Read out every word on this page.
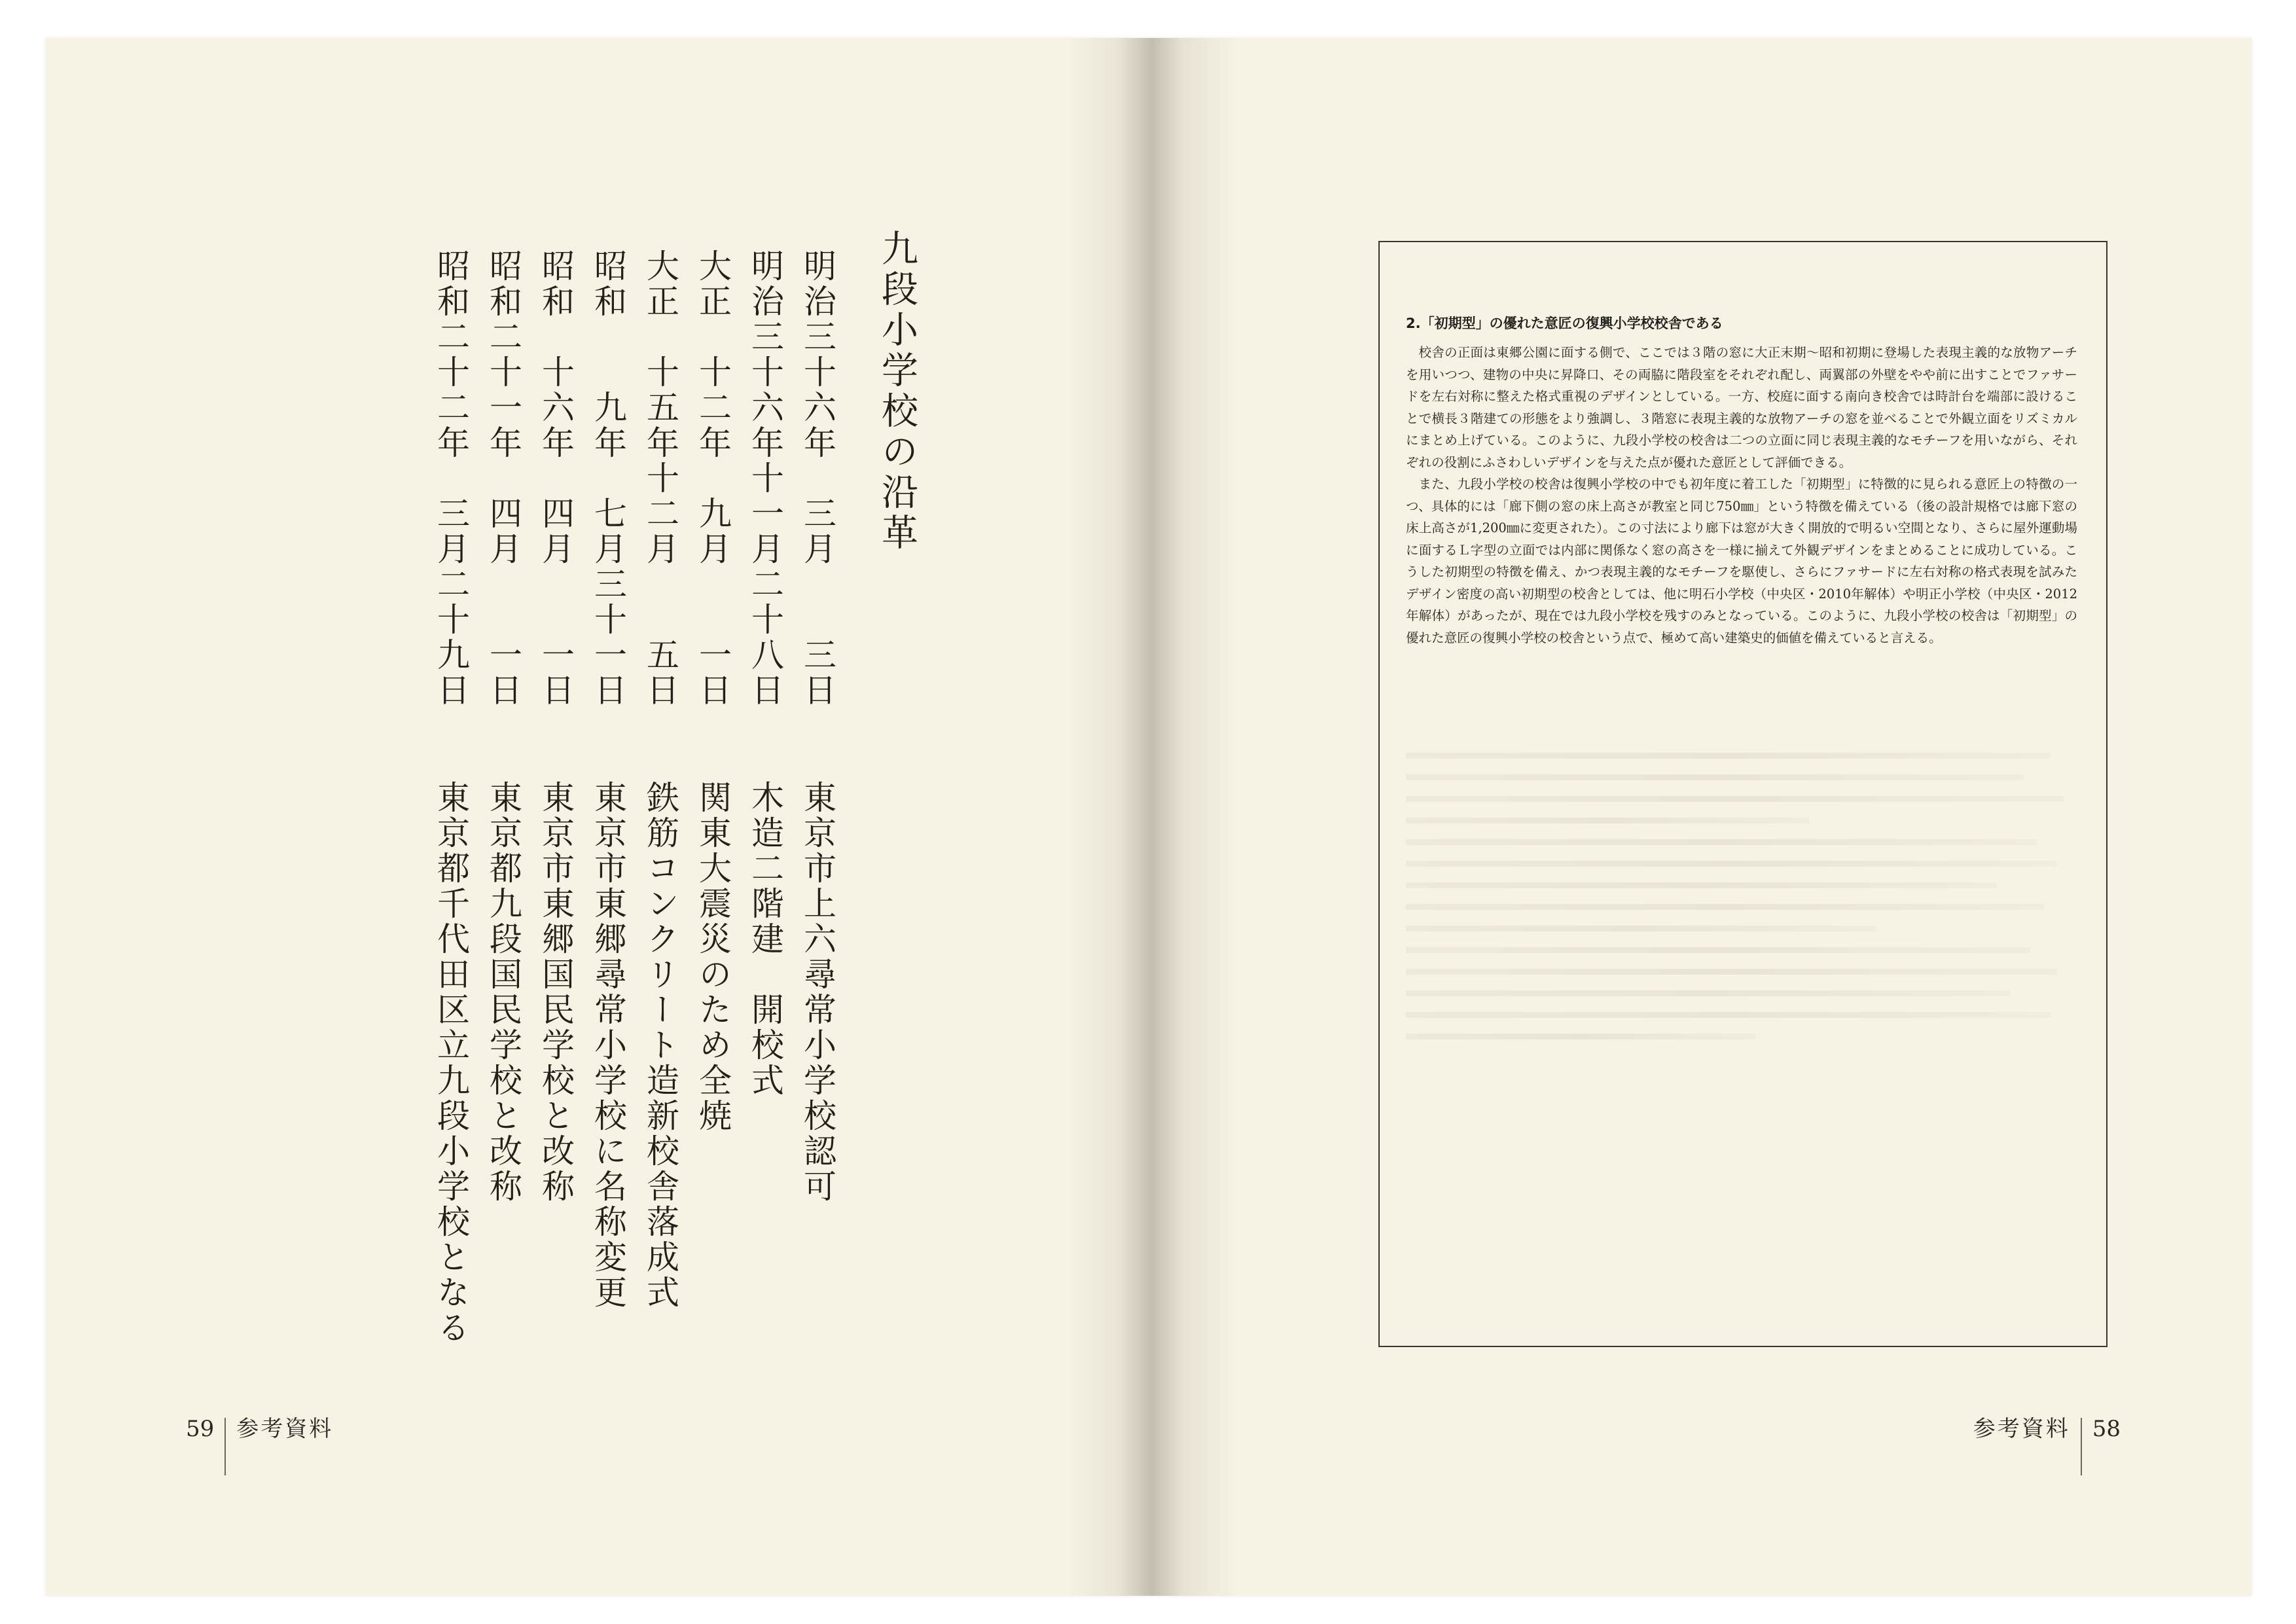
九段小学校の沿革
明治三十六年　三月　　三日
明治三十六年十一月二十八日
大正　十二年　九月　　一日
大正　十五年十二月　　五日
昭和　　九年　七月三十一日
昭和　十六年　四月　　一日
昭和二十一年　四月　　一日
昭和二十二年　三月二十九日
東京市上六尋常小学校認可
木造二階建　開校式
関東大震災のため全焼
鉄筋コンクリート造新校舎落成式
東京市東郷尋常小学校に名称変更
東京市東郷国民学校と改称
東京都九段国民学校と改称
東京都千代田区立九段小学校となる
59 参考資料
2.「初期型」の優れた意匠の復興小学校校舎である

校舎の正面は東郷公園に面する側で、ここでは３階の窓に大正末期〜昭和初期に登場した表現主義的な放物アーチを用いつつ、建物の中央に昇降口、その両脇に階段室をそれぞれ配し、両翼部の外壁をやや前に出すことでファサードを左右対称に整えた格式重視のデザインとしている。一方、校庭に面する南向き校舎では時計台を端部に設けることで横長３階建ての形態をより強調し、３階窓に表現主義的な放物アーチの窓を並べることで外観立面をリズミカルにまとめ上げている。このように、九段小学校の校舎は二つの立面に同じ表現主義的なモチーフを用いながら、それぞれの役割にふさわしいデザインを与えた点が優れた意匠として評価できる。

また、九段小学校の校舎は復興小学校の中でも初年度に着工した「初期型」に特徴的に見られる意匠上の特徴の一つ、具体的には「廊下側の窓の床上高さが教室と同じ750㎜」という特徴を備えている（後の設計規格では廊下窓の床上高さが1,200㎜に変更された）。この寸法により廊下は窓が大きく開放的で明るい空間となり、さらに屋外運動場に面するＬ字型の立面では内部に関係なく窓の高さを一様に揃えて外観デザインをまとめることに成功している。こうした初期型の特徴を備え、かつ表現主義的なモチーフを駆使し、さらにファサードに左右対称の格式表現を試みたデザイン密度の高い初期型の校舎としては、他に明石小学校（中央区・2010年解体）や明正小学校（中央区・2012年解体）があったが、現在では九段小学校を残すのみとなっている。このように、九段小学校の校舎は「初期型」の優れた意匠の復興小学校の校舎という点で、極めて高い建築史的価値を備えていると言える。

参考資料 58
